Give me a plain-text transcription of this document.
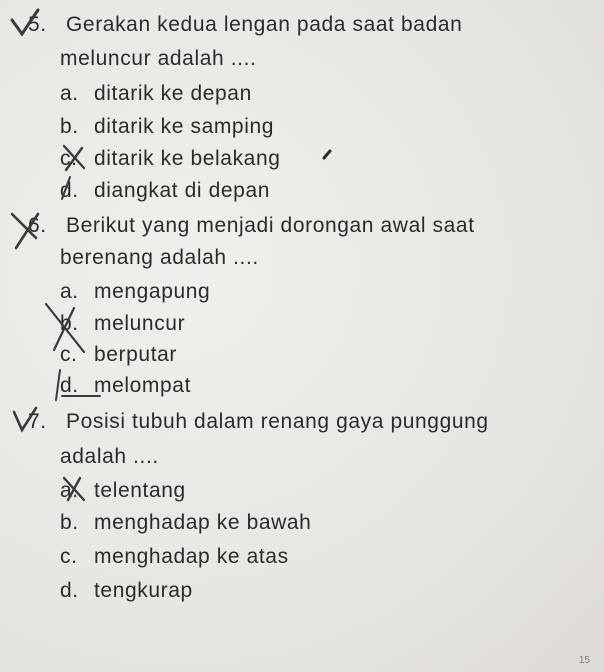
5. Gerakan kedua lengan pada saat badan
meluncur adalah ....
a. ditarik ke depan
b. ditarik ke samping
c. ditarik ke belakang
d. diangkat di depan
6. Berikut yang menjadi dorongan awal saat
berenang adalah ....
a. mengapung
b. meluncur
c. berputar
d. melompat
7. Posisi tubuh dalam renang gaya punggung
adalah ....
a. telentang
b. menghadap ke bawah
c. menghadap ke atas
d. tengkurap
15
